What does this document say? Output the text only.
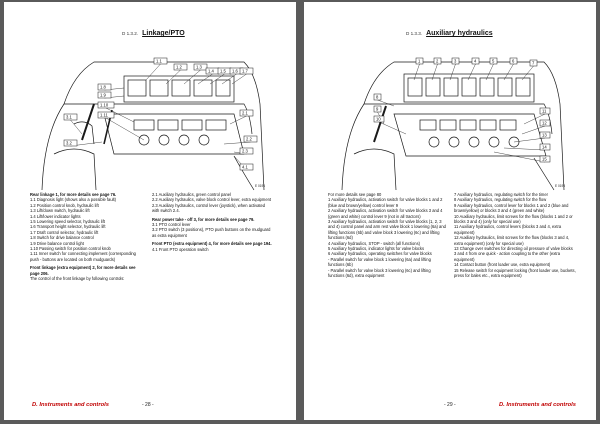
D 1.3.2. Linkage/PTO
1.1
1.2	1.3
1.4 1.5 1.6 1.7
1.8
1.9
1.10
1.11	2.1
2.2
2.3
3.1
3.2
4.1
E 0196

Rear linkage 1, for more details see page 76.

1.1 Diagnosis light (shows also a possible fault)

1.2 Position control knob, hydraulic lift

1.3 Lift/down switch, hydraulic lift

1.4 Lift/lower indicator lights

1.5 Lowering speed selector, hydraulic lift

1.6 Transport height selector, hydraulic lift

1.7 Draft control selector, hydraulic lift

1.8 Switch for drive balance control

1.9 Drive balance control light

1.10 Passing switch for position control knob

1.11 Inner switch for connecting implement (corresponding push - buttons are located on both mudguards)

Front linkage (extra equipment) 2, for more details see page 206.

The control of the front linkage by following controls:

2.1 Auxiliary hydraulics, green control panel

2.2 Auxiliary hydraulics, valve block control lever, extra equipment

2.3 Auxiliary hydraulics, control lever (joystick), when activated with switch 2.4.

Rear power take - off 3, for more details see page 79.

3.1 PTO control lever

3.2 PTO switch (3 positions), PTO push buttons on the mudguard as extra equipment

Front PTO (extra equipment) 4, for more details see page 194.

4.1 Front PTO operation switch

D. Instruments and controls	- 28 -
D 1.3.3. Auxiliary hydraulics
1	2	3	4	5	6	7
8
9
10
11
12
13
14
15
E 0198

For more details see page 80

1 Auxiliary hydraulics, activation switch for valve blocks 1 and 2 (blue and brown/yellow) control lever 9

2 Auxiliary hydraulics, activation switch for valve blocks 3 and 4 (green and white) control lever 9 (not in all tractors)

3 Auxiliary hydraulics, activation switch for valve blocks (1, 2, 3 and 4) control panel and arm rest valve block 1 lowering (6a) and lifting functions (6b) and valve block 3 lowering (6c) and lifting functions (6d)

4 Auxiliary hydraulics, STOP - switch (all functions)

5 Auxiliary hydraulics, indicator lights for valve blocks

6 Auxiliary hydraulics, operating switches for valve blocks

- Parallel switch for valve block 1 lowering (6a) and lifting functions (6b)

- Parallel switch for valve block 3 lowering (6c) and lifting functions (6d), extra equipment

7 Auxiliary hydraulics, regulating switch for the timer

8 Auxiliary hydraulics, regulating switch for the flow

9 Auxiliary hydraulics, control lever for blocks 1 and 2 (blue and brown/yellow) or blocks 3 and 4 (green and white)

10 Auxiliary hydraulics, limit screws for the flow (blocks 1 and 2 or blocks 3 and 4) (only for special use)

11 Auxiliary hydraulics, control levers (blocks 3 and 4, extra equipment)

12 Auxiliary hydraulics, limit screws for the flow (blocks 3 and 4, extra equipment) (only for special use)

13 Change over switches for directing oil pressure of valve blocks 3 and 4 from one quick - action coupling to the other (extra equipment)

14 Contact button (front loader use, extra equipment)

15 Release switch for equipment locking (front loader use, buckets, press for bales etc., extra equipment)

- 29 -	D. Instruments and controls
